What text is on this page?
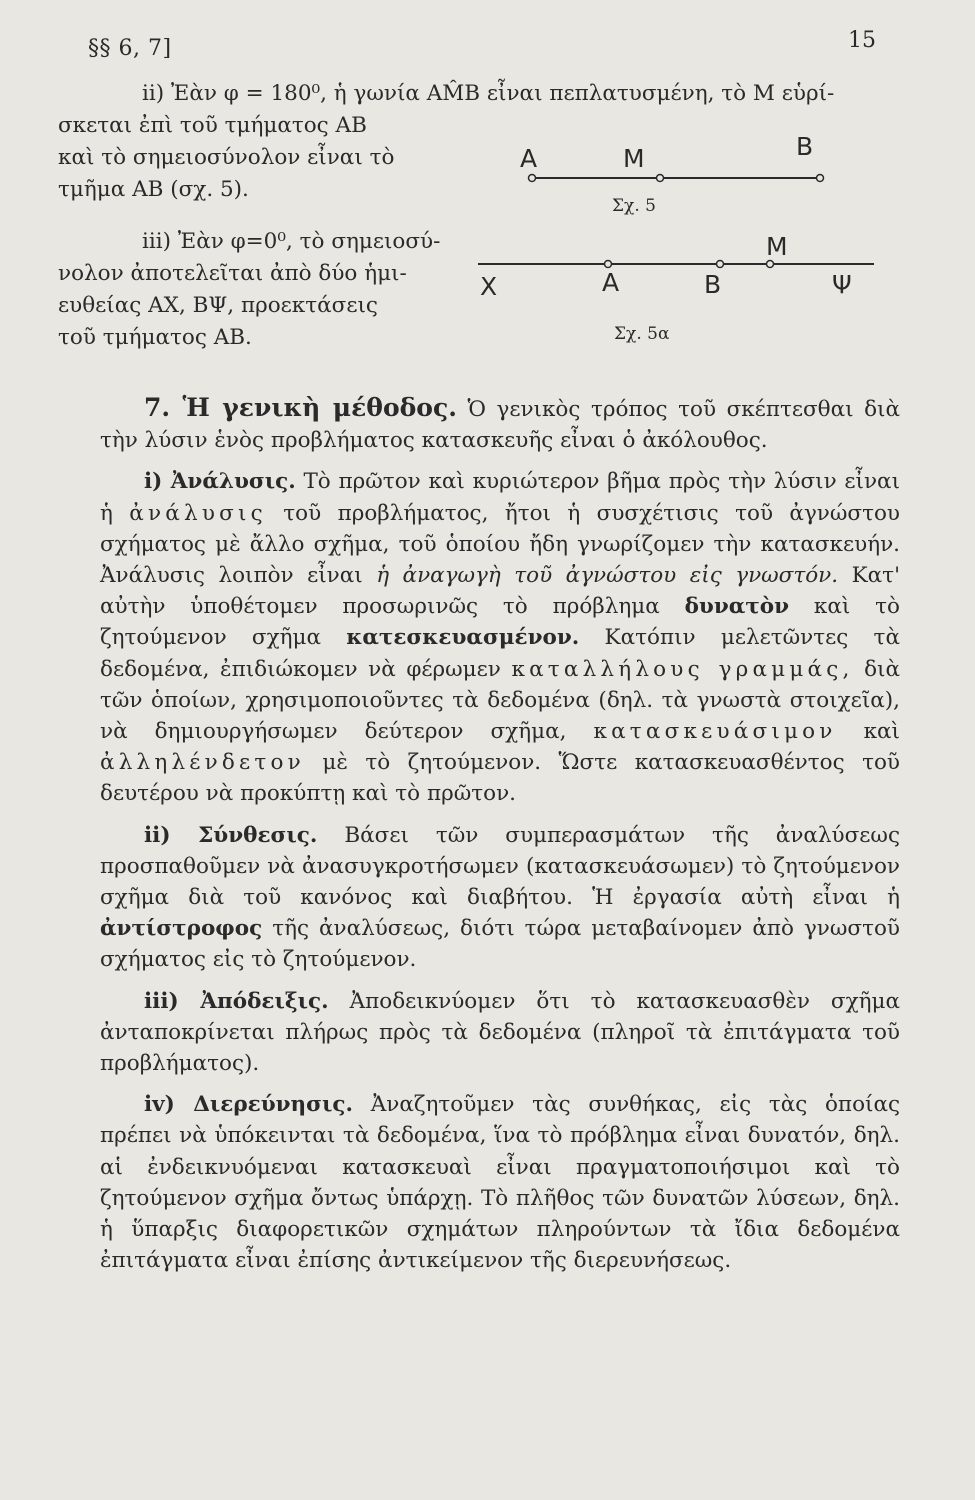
§§ 6, 7]	15

ii) Ἐὰν φ = 180⁰, ἡ γωνία AM̂B εἶναι πεπλατυσμένη, τὸ M εὑρί-

σκεται ἐπὶ τοῦ τμήματος AB

καὶ τὸ σημειοσύνολον εἶναι τὸ

τμῆμα AB (σχ. 5).

iii) Ἐὰν φ=0⁰, τὸ σημειοσύ-

νολον ἀποτελεῖται ἀπὸ δύο ἡμι-

ευθείας AX, BΨ, προεκτάσεις

τοῦ τμήματος AB.

A	M	B
Σχ. 5
X	A	B
M
Ψ
Σχ. 5α

7. Ἡ γενικὴ μέθοδος. Ὁ γενικὸς τρόπος τοῦ σκέπτεσθαι διὰ τὴν λύσιν ἑνὸς προβλήματος κατασκευῆς εἶναι ὁ ἀκόλουθος.

i) Ἀνάλυσις. Τὸ πρῶτον καὶ κυριώτερον βῆμα πρὸς τὴν λύσιν εἶναι ἡ ἀνάλυσις τοῦ προβλήματος, ἤτοι ἡ συσχέτισις τοῦ ἀγνώστου σχήματος μὲ ἄλλο σχῆμα, τοῦ ὁποίου ἤδη γνωρίζομεν τὴν κατασκευήν. Ἀνάλυσις λοιπὸν εἶναι ἡ ἀναγωγὴ τοῦ ἀγνώστου εἰς γνωστόν. Κατ' αὐτὴν ὑποθέτομεν προσωρινῶς τὸ πρόβλημα δυνατὸν καὶ τὸ ζητούμενον σχῆμα κατεσκευασμένον. Κατόπιν μελετῶντες τὰ δεδομένα, ἐπιδιώκομεν νὰ φέρωμεν καταλλήλους γραμμάς, διὰ τῶν ὁποίων, χρησιμοποιοῦντες τὰ δεδομένα (δηλ. τὰ γνωστὰ στοιχεῖα), νὰ δημιουργήσωμεν δεύτερον σχῆμα, κατασκευάσιμον καὶ ἀλληλένδετον μὲ τὸ ζητούμενον. Ὥστε κατασκευασθέντος τοῦ δευτέρου νὰ προκύπτῃ καὶ τὸ πρῶτον.

ii) Σύνθεσις. Βάσει τῶν συμπερασμάτων τῆς ἀναλύσεως προσπαθοῦμεν νὰ ἀνασυγκροτήσωμεν (κατασκευάσωμεν) τὸ ζητούμενον σχῆμα διὰ τοῦ κανόνος καὶ διαβήτου. Ἡ ἐργασία αὐτὴ εἶναι ἡ ἀντίστροφος τῆς ἀναλύσεως, διότι τώρα μεταβαίνομεν ἀπὸ γνωστοῦ σχήματος εἰς τὸ ζητούμενον.

iii) Ἀπόδειξις. Ἀποδεικνύομεν ὅτι τὸ κατασκευασθὲν σχῆμα ἀνταποκρίνεται πλήρως πρὸς τὰ δεδομένα (πληροῖ τὰ ἐπιτάγματα τοῦ προβλήματος).

iv) Διερεύνησις. Ἀναζητοῦμεν τὰς συνθήκας, εἰς τὰς ὁποίας πρέπει νὰ ὑπόκεινται τὰ δεδομένα, ἵνα τὸ πρόβλημα εἶναι δυνατόν, δηλ. αἱ ἐνδεικνυόμεναι κατασκευαὶ εἶναι πραγματοποιήσιμοι καὶ τὸ ζητούμενον σχῆμα ὄντως ὑπάρχῃ. Τὸ πλῆθος τῶν δυνατῶν λύσεων, δηλ. ἡ ὕπαρξις διαφορετικῶν σχημάτων πληρούντων τὰ ἴδια δεδομένα ἐπιτάγματα εἶναι ἐπίσης ἀντικείμενον τῆς διερευνήσεως.
